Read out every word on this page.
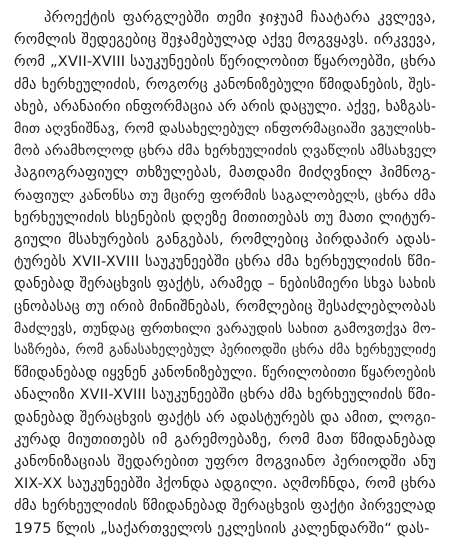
პროექტის ფარგლებში თემი ჯიჯუამ ჩაატარა კვლევა,
რომლის შედეგებიც შეჯამებულად აქვე მოგვყავს. ირკვევა,
რომ „XVII-XVIII საუკუნეების წერილობით წყაროებში, ცხრა
ძმა ხერხეულიძის, როგორც კანონიზებული წმიდანების, შეს-
ახებ, არანაირი ინფორმაცია არ არის დაცული. აქვე, ხაზგას-
მით აღვნიშნავ, რომ დასახელებულ ინფორმაციაში ვგულისხ-
მობ არამხოლოდ ცხრა ძმა ხერხეულიძის ღვაწლის ამსახველ
ჰაგიოგრაფიულ თხზულებას, მათდამი მიძღვნილ ჰიმნოგ-
რაფიულ კანონსა თუ მცირე ფორმის საგალობელს, ცხრა ძმა
ხერხეულიძის ხსენების დღეზე მითითებას თუ მათი ლიტურ-
გიული მსახურების განგებას, რომლებიც პირდაპირ ადას-
ტურებს XVII-XVIII საუკუნეებში ცხრა ძმა ხერხეულიძის წმი-
დანებად შერაცხვის ფაქტს, არამედ – ნებისმიერი სხვა სახის
ცნობასაც თუ ირიბ მინიშნებას, რომლებიც შესაძლებლობას
მაძლევს, თუნდაც ფრთხილი ვარაუდის სახით გამოვთქვა მო-
საზრება, რომ განასახელებულ პერიოდში ცხრა ძმა ხერხეულიძე
წმიდანებად იყვნენ კანონიზებული. წერილობითი წყაროების
ანალიზი XVII-XVIII საუკუნეებში ცხრა ძმა ხერხეულიძის წმი-
დანებად შერაცხვის ფაქტს არ ადასტურებს და ამით, ლოგი-
კურად მიუთითებს იმ გარემოებაზე, რომ მათ წმიდანებად
კანონიზაციას შედარებით უფრო მოგვიანო პერიოდში ანუ
XIX-XX საუკუნეებში ჰქონდა ადგილი. აღმოჩნდა, რომ ცხრა
ძმა ხერხეულიძის წმიდანებად შერაცხვის ფაქტი პირველად
1975 წლის „საქართველოს ეკლესიის კალენდარში“ დას-
